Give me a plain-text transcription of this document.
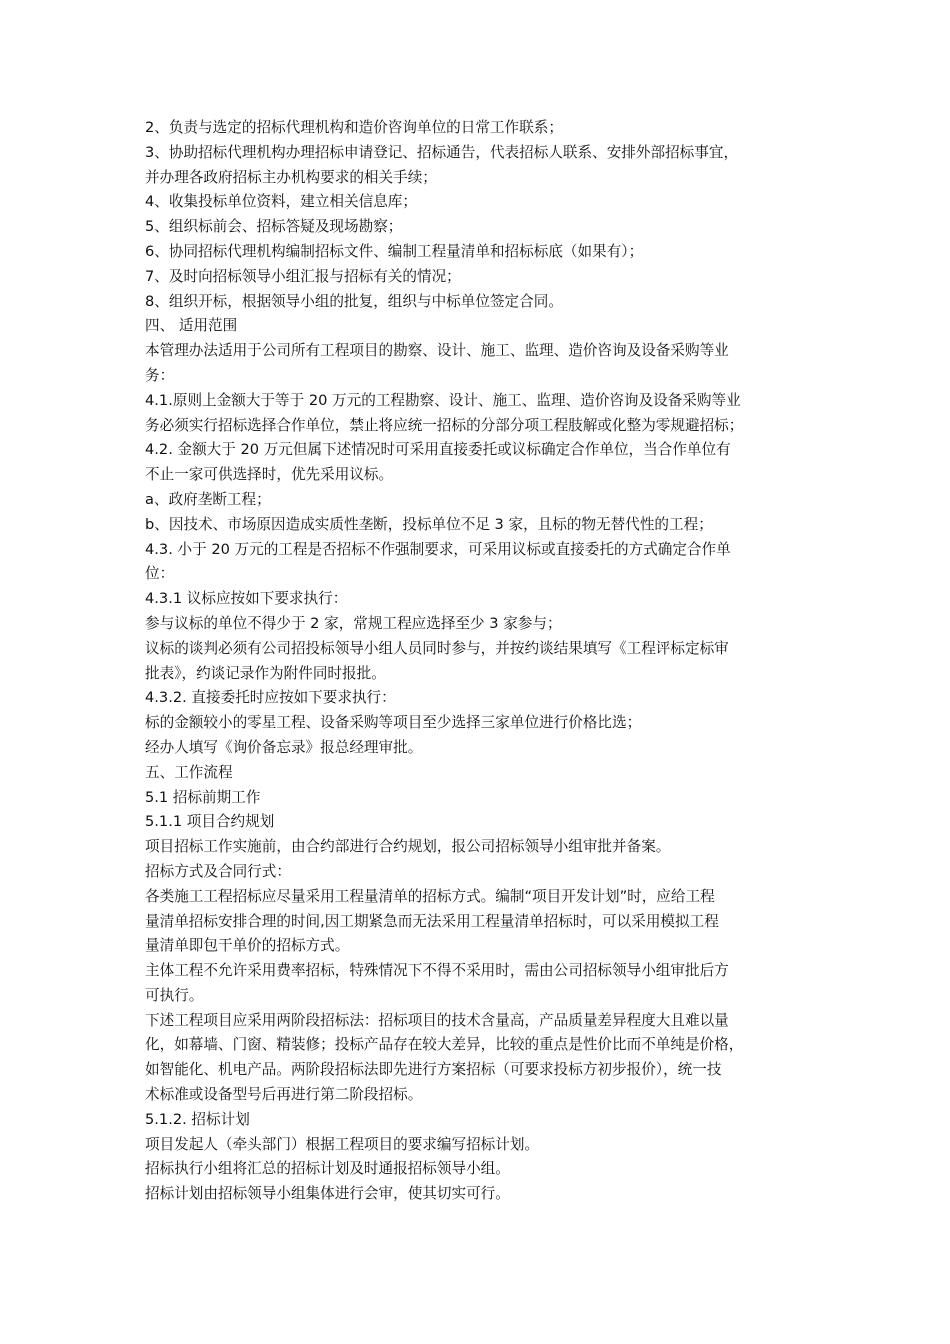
2、负责与选定的招标代理机构和造价咨询单位的日常工作联系；
3、协助招标代理机构办理招标申请登记、招标通告，代表招标人联系、安排外部招标事宜，
并办理各政府招标主办机构要求的相关手续；
4、收集投标单位资料，建立相关信息库；
5、组织标前会、招标答疑及现场勘察；
6、协同招标代理机构编制招标文件、编制工程量清单和招标标底（如果有）；
7、及时向招标领导小组汇报与招标有关的情况；
8、组织开标，根据领导小组的批复，组织与中标单位签定合同。
四、 适用范围
本管理办法适用于公司所有工程项目的勘察、设计、施工、监理、造价咨询及设备采购等业
务：
4.1.原则上金额大于等于 20 万元的工程勘察、设计、施工、监理、造价咨询及设备采购等业
务必须实行招标选择合作单位，禁止将应统一招标的分部分项工程肢解或化整为零规避招标；
4.2. 金额大于 20 万元但属下述情况时可采用直接委托或议标确定合作单位，当合作单位有
不止一家可供选择时，优先采用议标。
a、政府垄断工程；
b、因技术、市场原因造成实质性垄断，投标单位不足 3 家，且标的物无替代性的工程；
4.3. 小于 20 万元的工程是否招标不作强制要求，可采用议标或直接委托的方式确定合作单
位：
4.3.1 议标应按如下要求执行：
参与议标的单位不得少于 2 家，常规工程应选择至少 3 家参与；
议标的谈判必须有公司招投标领导小组人员同时参与，并按约谈结果填写《工程评标定标审
批表》，约谈记录作为附件同时报批。
4.3.2. 直接委托时应按如下要求执行：
标的金额较小的零星工程、设备采购等项目至少选择三家单位进行价格比选；
经办人填写《询价备忘录》报总经理审批。
五、工作流程
5.1 招标前期工作
5.1.1 项目合约规划
项目招标工作实施前，由合约部进行合约规划，报公司招标领导小组审批并备案。
招标方式及合同行式：
各类施工工程招标应尽量采用工程量清单的招标方式。编制“项目开发计划”时，应给工程
量清单招标安排合理的时间,因工期紧急而无法采用工程量清单招标时，可以采用模拟工程
量清单即包干单价的招标方式。
主体工程不允许采用费率招标，特殊情况下不得不采用时，需由公司招标领导小组审批后方
可执行。
下述工程项目应采用两阶段招标法：招标项目的技术含量高，产品质量差异程度大且难以量
化，如幕墙、门窗、精装修；投标产品存在较大差异，比较的重点是性价比而不单纯是价格，
如智能化、机电产品。两阶段招标法即先进行方案招标（可要求投标方初步报价），统一技
术标准或设备型号后再进行第二阶段招标。
5.1.2. 招标计划
项目发起人（牵头部门）根据工程项目的要求编写招标计划。
招标执行小组将汇总的招标计划及时通报招标领导小组。
招标计划由招标领导小组集体进行会审，使其切实可行。
